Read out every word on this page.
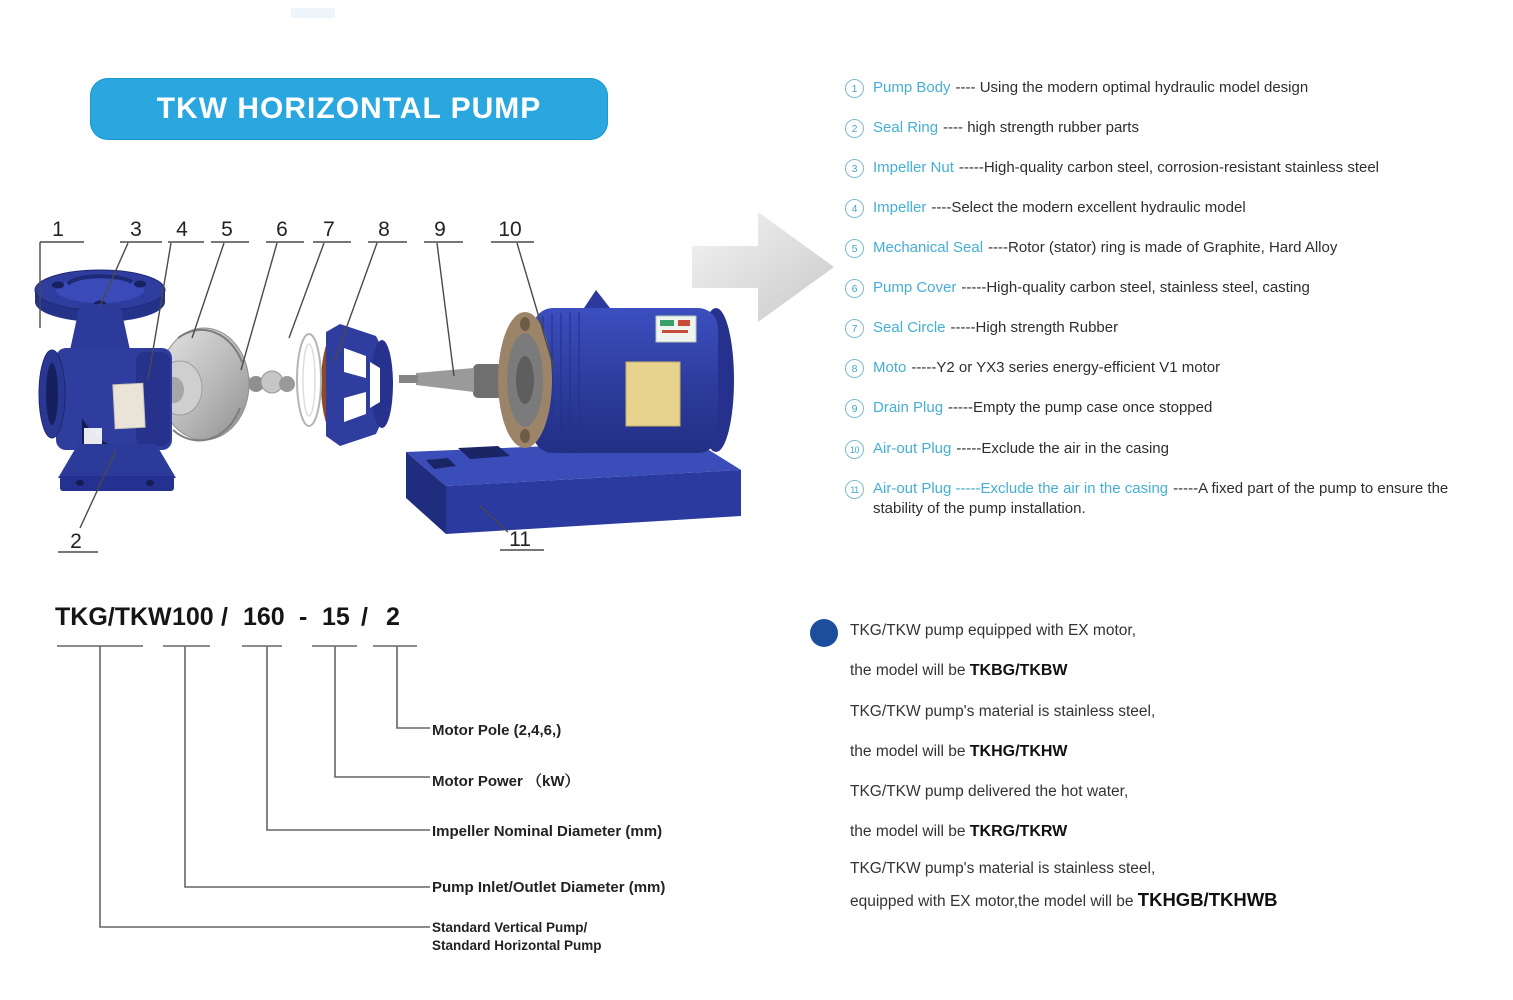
TKW HORIZONTAL PUMP
1	3 4 5 6 7 8 9 10
2	11
1	Pump Body ---- Using the modern optimal hydraulic model design
2	Seal Ring ---- high strength rubber parts
3	Impeller Nut -----High-quality carbon steel, corrosion-resistant stainless steel
4	Impeller ----Select the modern excellent hydraulic model
5	Mechanical Seal ----Rotor (stator) ring is made of Graphite, Hard Alloy
6	Pump Cover -----High-quality carbon steel, stainless steel, casting
7	Seal Circle -----High strength Rubber
8	Moto -----Y2 or YX3 series energy-efficient V1 motor
9	Drain Plug -----Empty the pump case once stopped
10 Air-out Plug -----Exclude the air in the casing
11 Air-out Plug -----Exclude the air in the casing -----A fixed part of the pump to ensure the stability of the pump installation.
TKG/TKW 100 / 160 - 15 / 2
Motor Pole (2,4,6,)
Motor Power （kW）
Impeller Nominal Diameter (mm)
Pump Inlet/Outlet Diameter (mm)
Standard Vertical Pump/
Standard Horizontal Pump
TKG/TKW pump equipped with EX motor,
the model will be TKBG/TKBW
TKG/TKW pump's material is stainless steel,
the model will be TKHG/TKHW
TKG/TKW pump delivered the hot water,
the model will be TKRG/TKRW
TKG/TKW pump's material is stainless steel,
equipped with EX motor,the model will be TKHGB/TKHWB
